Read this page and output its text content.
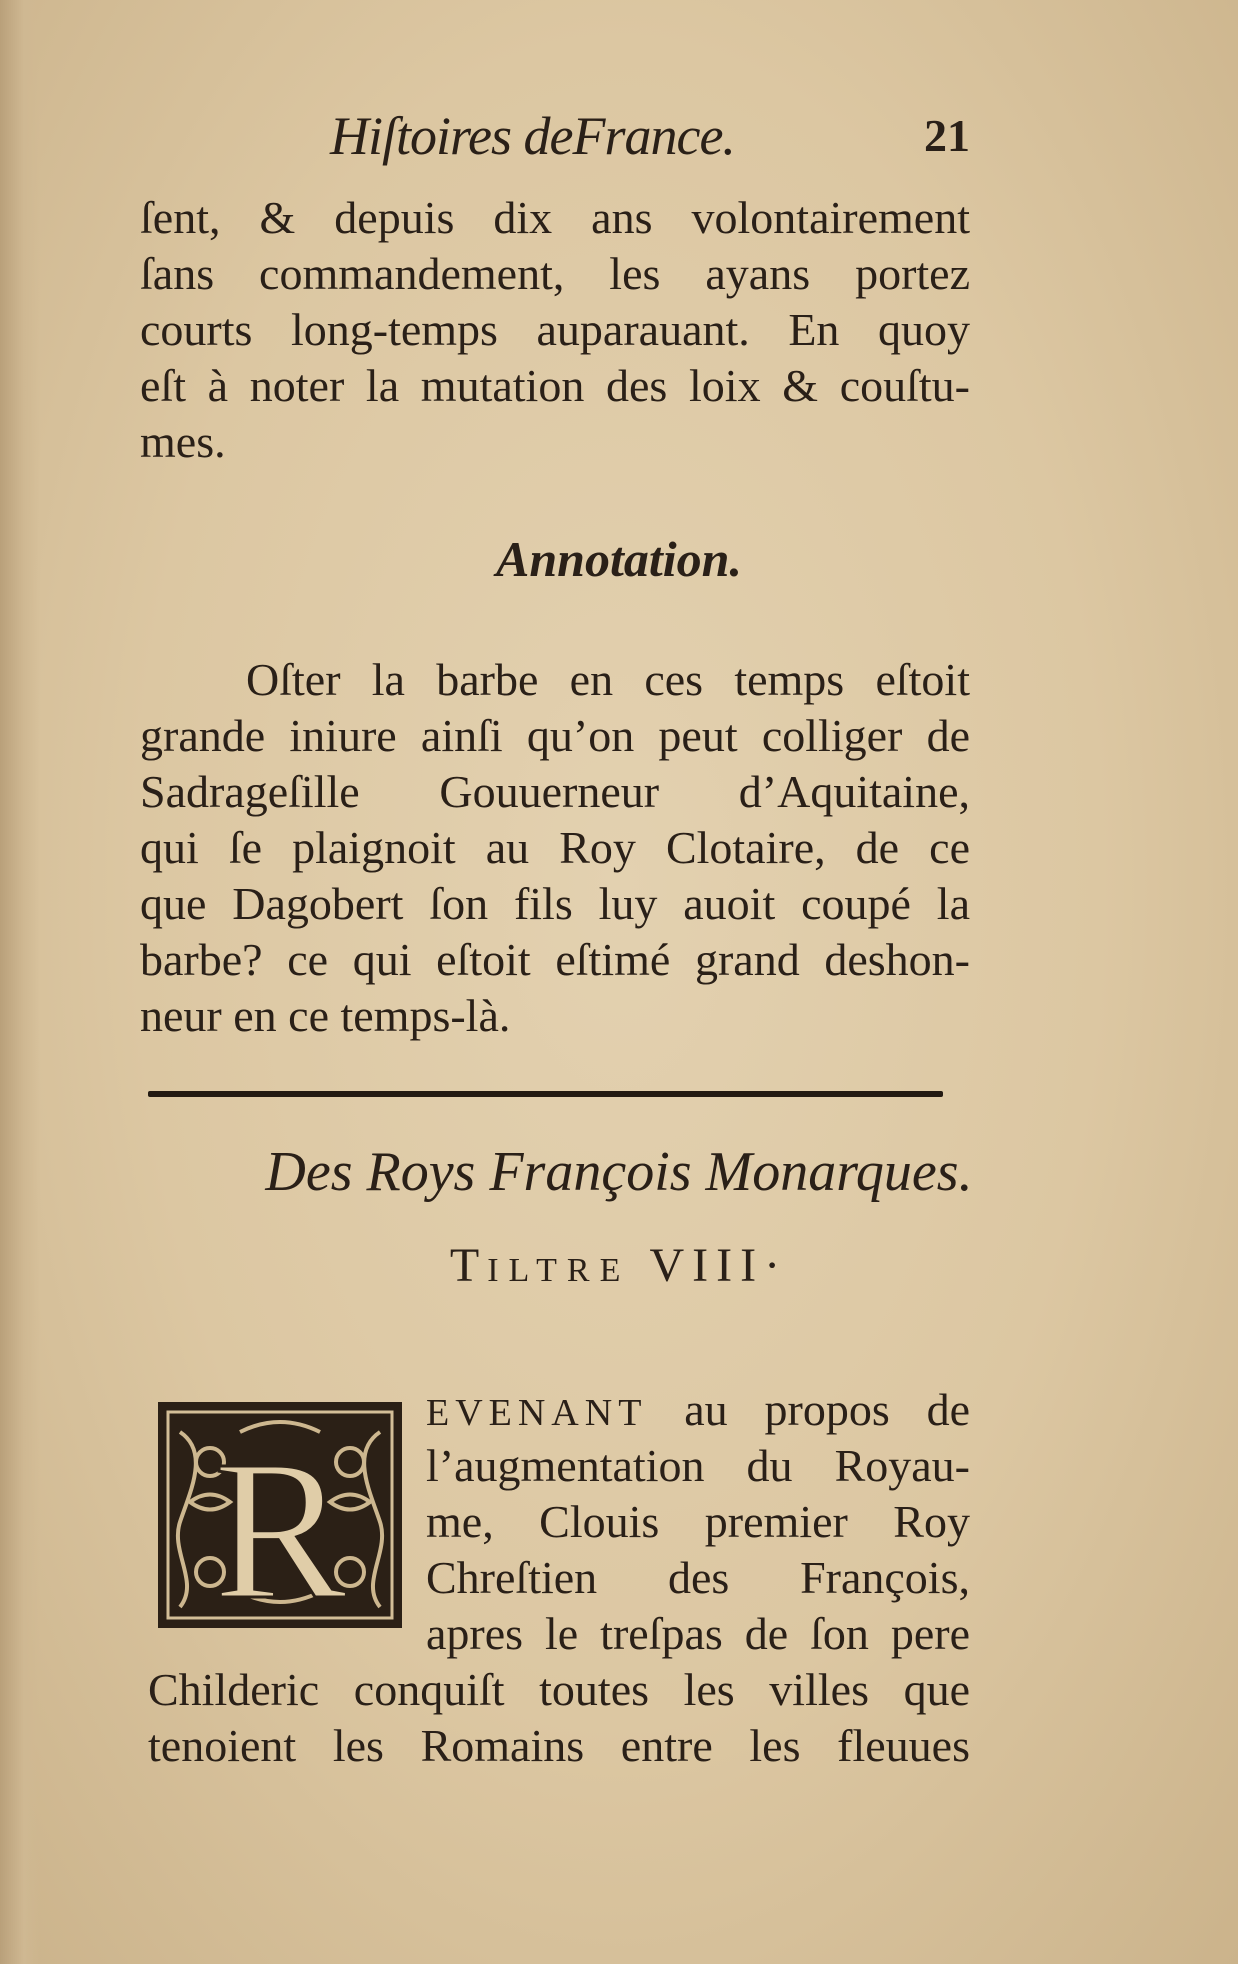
Hiſtoires deFrance.	21
ſent, & depuis dix ans volontairement
ſans commandement, les ayans portez
courts long-temps auparauant. En quoy
eſt à noter la mutation des loix & couſtu-
mes.
Annotation.
Oſter la barbe en ces temps eſtoit
grande iniure ainſi qu’on peut colliger de
Sadrageſille Gouuerneur d’Aquitaine,
qui ſe plaignoit au Roy Clotaire, de ce
que Dagobert ſon fils luy auoit coupé la
barbe? ce qui eſtoit eſtimé grand deshon-
neur en ce temps-là.
Des Roys François Monarques.
TILTRE VIII·
R
EVENANT au propos de
l’augmentation du Royau-
me, Clouis premier Roy
Chreſtien des François,
apres le treſpas de ſon pere
Childeric conquiſt toutes les villes que
tenoient les Romains entre les fleuues
